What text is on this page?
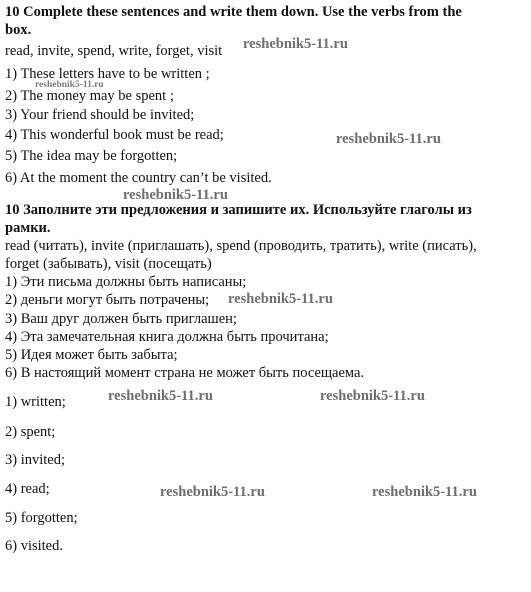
10 Complete these sentences and write them down. Use the verbs from the
box.
read, invite, spend, write, forget, visit
1) These letters have to be written ;
2) The money may be spent ;
3) Your friend should be invited;
4) This wonderful book must be read;
5) The idea may be forgotten;
6) At the moment the country can’t be visited.
10 Заполните эти предложения и запишите их. Используйте глаголы из
рамки.
read (читать), invite (приглашать), spend (проводить, тратить), write (писать),
forget (забывать), visit (посещать)
1) Эти письма должны быть написаны;
2) деньги могут быть потрачены;
3) Ваш друг должен быть приглашен;
4) Эта замечательная книга должна быть прочитана;
5) Идея может быть забыта;
6) В настоящий момент страна не может быть посещаема.
1) written;
2) spent;
3) invited;
4) read;
5) forgotten;
6) visited.
reshebnik5-11.ru
reshebnik5-11.ru
reshebnik5-11.ru
reshebnik5-11.ru
reshebnik5-11.ru
reshebnik5-11.ru	reshebnik5-11.ru
reshebnik5-11.ru	reshebnik5-11.ru
